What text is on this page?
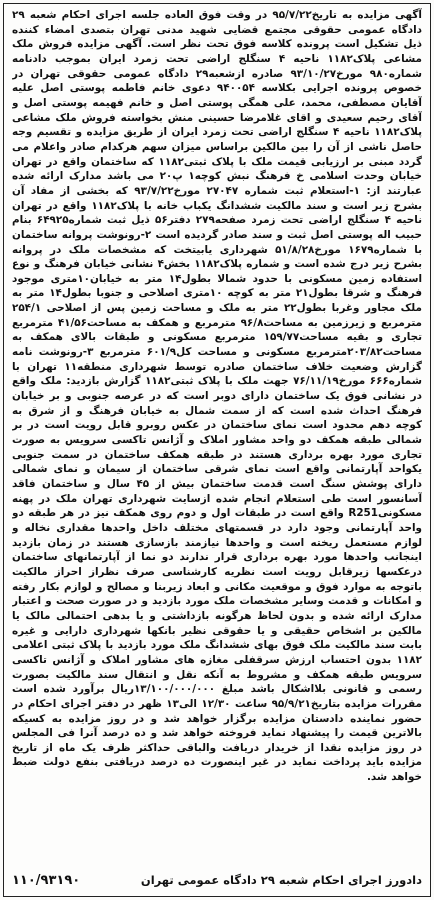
آگهی مزایده به تاریخ۹۵/۷/۲۲ در وقت فوق العاده جلسه اجرای احکام شعبه ۲۹ دادگاه عمومی حقوقی مجتمع قضایی شهید مدنی تهران بتصدی امضاء کننده ذیل تشکیل است پرونده کلاسه فوق تحت نظر است. آگهی مزایده فروش ملک مشاعی پلاک۱۱۸۲ ناحیه ۴ سنگلج اراضی تحت زمرد ایران بموجب دادنامه شماره۹۸۰ مورخ۹۳/۱۰/۲۷ صادره ازشعبه۲۹ دادگاه عمومی حقوقی تهران در خصوص پرونده اجرایی بکلاسه ۹۴۰۰۵۴ دعوی خانم فاطمه پوستی اصل علیه آقایان مصطفی، محمد، علی همگی پوستی اصل و خانم فهیمه پوستی اصل و آقای رحیم سعیدی و اقای غلامرضا حسینی منش بخواسته فروش ملک مشاعی پلاک۱۱۸۲ ناحیه ۴ سنگلج اراضی تحت زمرد ایران از طریق مزایده و تقسیم وجه حاصل ناشی از آن را بین مالکین براساس میزان سهم هرکدام صادر واعلام می گردد مبنی بر ارزیابی قیمت ملک با پلاک ثبتی۱۱۸۲ که ساختمان واقع در تهران خیابان وحدت اسلامی خ فرهنگ نبش کوچه۱ پ۲۰ می باشد مدارک ارائه شده عبارتند از: ۱-استعلام ثبت شماره ۲۷۰۴۷ مورخ۹۳/۷/۲۲ که بخشی از مفاد آن بشرح زیر است و سند مالکیت ششدانگ یکباب خانه با پلاک۱۱۸۲ واقع در تهران ناحیه ۴ سنگلج اراضی تحت زمرد صفحه۲۷۹ دفتر۵۶ ذیل ثبت شماره۶۴۹۲۵ بنام حبیب اله پوستی اصل ثبت و سند صادر گردیده است ۲-رونوشت پروانه ساختمان با شماره۱۶۷۹ مورخ۵۱/۸/۲۸ شهرداری یابیتخت که مشخصات ملک در پروانه بشرح زیر درج شده است و شماره پلاک۱۱۸۲ بخش۴ نشانی خیابان فرهنگ و نوع استفاده زمین مسکونی با حدود شمالا بطول۱۴ متر به خیابان۱۰متری موجود فرهنگ و شرقا بطول۲۱ متر به کوچه ۱۰متری اصلاحی و جنوبا بطول۱۴ متر به ملک مجاور وغربا بطول۲۲ متر به ملک و مساحت زمین پس از اصلاحی ۲۵۴/۱ مترمربع و زیرزمین به مساحت۹۶/۸ مترمربع و همکف به مساحت۴۱/۵۶ مترمربع تجاری و بقیه مساحت۱۵۹/۷۷ مترمربع مسکونی و طبقات بالای همکف به مساحت۲۰۳/۸۲مترمربع مسکونی و مساحت کل۶۰۱/۹ مترمربع ۳-رونوشت نامه گزارش وضعیت خلاف ساختمان صادره توسط شهرداری منطقه۱۱ تهران با شماره۶۶۶ مورخ۷۶/۱۱/۱۹ جهت ملک با پلاک ثبتی۱۱۸۲ گزارش بازدید: ملک واقع در نشانی فوق یک ساختمان دارای دوبر است که در عرصه جنوبی و بر خیابان فرهنگ احداث شده است که از سمت شمال به خیابان فرهنگ و از شرق به کوچه دهم محدود است نمای ساختمان در عکس روبرو قابل رویت است در بر شمالی طبقه همکف دو واحد مشاور املاک و آژانس تاکسی سرویس به صورت تجاری مورد بهره برداری هستند در طبقه همکف ساختمان در سمت جنوبی یکواحد آپارتمانی واقع است نمای شرقی ساختمان از سیمان و نمای شمالی دارای پوشش سنگ است قدمت ساختمان بیش از ۴۵ سال و ساختمان فاقد آسانسور است طی استعلام انجام شده ازسایت شهرداری تهران ملک در پهنه مسکونیR251 واقع است در طبقات اول و دوم روی همکف نیز در هر طبقه دو واحد آپارتمانی وجود دارد در قسمتهای مختلف داخل واحدها مقداری نخاله و لوازم مستعمل ریخته است و واحدها نیازمند بازسازی هستند در زمان بازدید اینجانب واحدها مورد بهره برداری قرار ندارند دو نما از آپارتمانهای ساختمان درعکسها زیرقابل رویت است نظریه کارشناسی صرف نظراز احراز مالکیت باتوجه به موارد فوق و موقعیت مکانی و ابعاد زیربنا و مصالح و لوازم بکار رفته و امکانات و قدمت وسایر مشخصات ملک مورد بازدید و در صورت صحت و اعتبار مدارک ارائه شده و بدون لحاظ هرگونه بازداشتی و یا بدهی احتمالی مالک یا مالکین بر اشخاص حقیقی و یا حقوقی نظیر بانکها شهرداری دارایی و غیره بابت سند مالکیت ملک فوق بهای ششدانگ ملک مورد بازدید با پلاک ثبتی اعلامی ۱۱۸۲ بدون احتساب ارزش سرقفلی مغازه های مشاور املاک و آژانس تاکسی سرویس طبقه همکف و مشروط به آنکه نقل و انتقال سند مالکیت بصورت رسمی و قانونی بلااشکال باشد مبلغ ۱۳/۱۰۰/۰۰۰/۰۰۰ریال برآورد شده است مقررات مزایده بتاریخ۹۵/۹/۲۱ ساعت ۱۲/۳۰ الی۱۳ ظهر در دفتر اجرای احکام در حضور نماینده دادستان مزایده برگزار خواهد شد و در روز مزایده به کسیکه بالاترین قیمت را پیشنهاد نماید فروخته خواهد شد و ده درصد آنرا فی المجلس در روز مزایده نقدا از خریدار دریافت والباقی حداکثر ظرف یک ماه از تاریخ مزایده باید پرداخت نماید در غیر اینصورت ده درصد دریافتی بنفع دولت ضبط خواهد شد.
دادورز اجرای احکام شعبه ۲۹ دادگاه عمومی تهران
۱۱۰/۹۳۱۹۰
